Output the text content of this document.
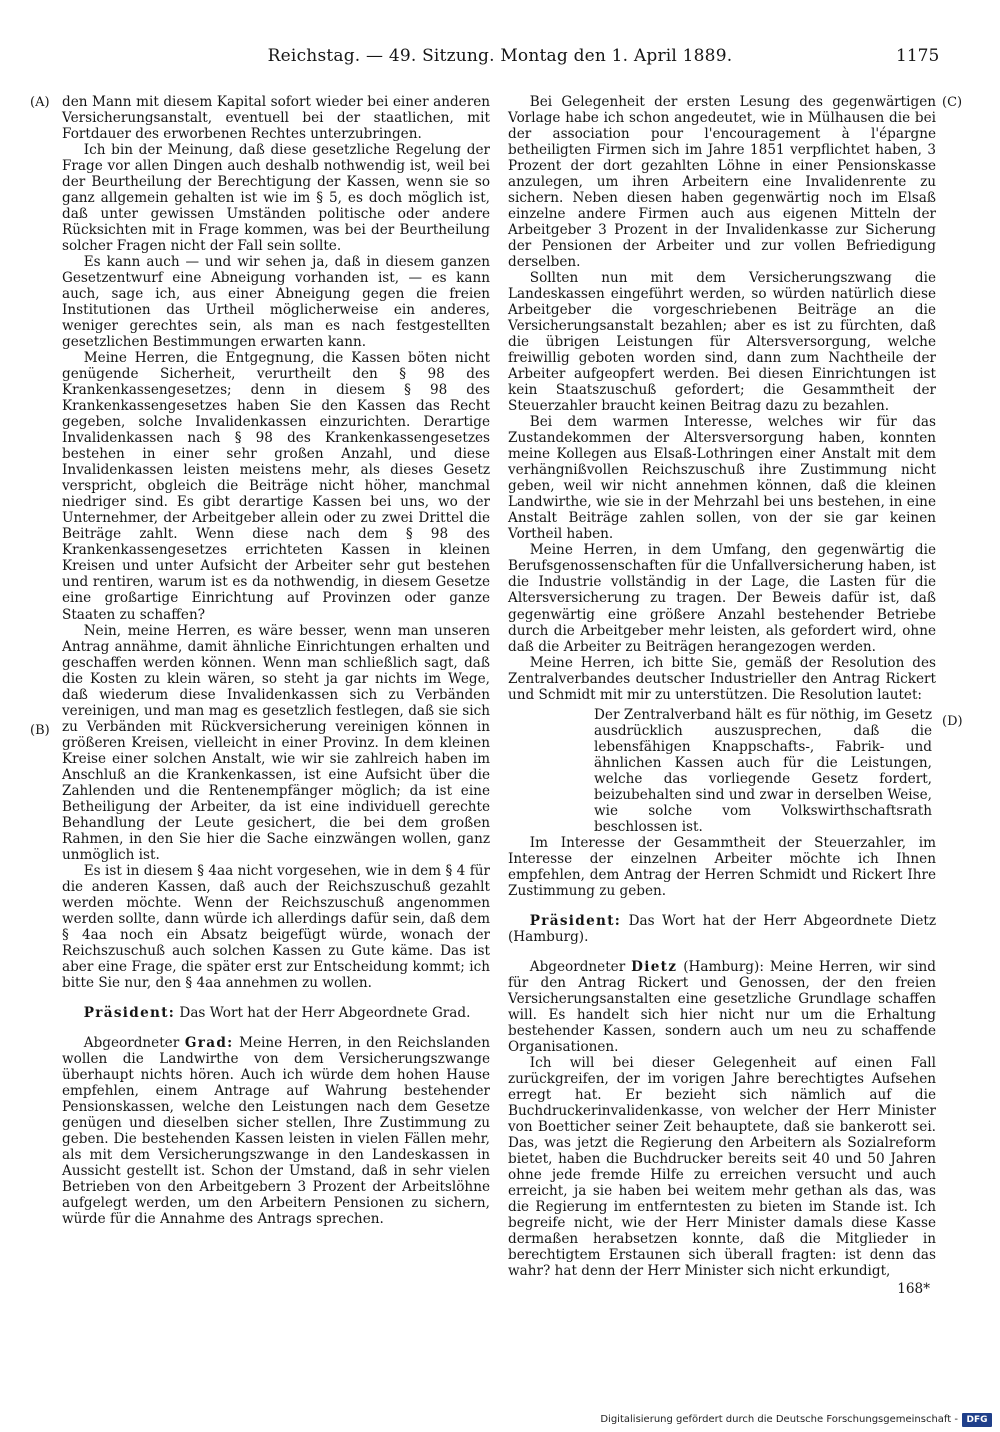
Reichstag. — 49. Sitzung. Montag den 1. April 1889.	1175
(A)
(B)
(C)
(D)

den Mann mit diesem Kapital sofort wieder bei einer anderen Versicherungsanstalt, eventuell bei der staatlichen, mit Fortdauer des erworbenen Rechtes unterzubringen.

Ich bin der Meinung, daß diese gesetzliche Regelung der Frage vor allen Dingen auch deshalb nothwendig ist, weil bei der Beurtheilung der Berechtigung der Kassen, wenn sie so ganz allgemein gehalten ist wie im § 5, es doch möglich ist, daß unter gewissen Umständen politische oder andere Rücksichten mit in Frage kommen, was bei der Beurtheilung solcher Fragen nicht der Fall sein sollte.

Es kann auch — und wir sehen ja, daß in diesem ganzen Gesetzentwurf eine Abneigung vorhanden ist, — es kann auch, sage ich, aus einer Abneigung gegen die freien Institutionen das Urtheil möglicherweise ein anderes, weniger gerechtes sein, als man es nach festgestellten gesetzlichen Bestimmungen erwarten kann.

Meine Herren, die Entgegnung, die Kassen böten nicht genügende Sicherheit, verurtheilt den § 98 des Krankenkassengesetzes; denn in diesem § 98 des Krankenkassengesetzes haben Sie den Kassen das Recht gegeben, solche Invalidenkassen einzurichten. Derartige Invalidenkassen nach § 98 des Krankenkassengesetzes bestehen in einer sehr großen Anzahl, und diese Invalidenkassen leisten meistens mehr, als dieses Gesetz verspricht, obgleich die Beiträge nicht höher, manchmal niedriger sind. Es gibt derartige Kassen bei uns, wo der Unternehmer, der Arbeitgeber allein oder zu zwei Drittel die Beiträge zahlt. Wenn diese nach dem § 98 des Krankenkassengesetzes errichteten Kassen in kleinen Kreisen und unter Aufsicht der Arbeiter sehr gut bestehen und rentiren, warum ist es da nothwendig, in diesem Gesetze eine großartige Einrichtung auf Provinzen oder ganze Staaten zu schaffen?

Nein, meine Herren, es wäre besser, wenn man unseren Antrag annähme, damit ähnliche Einrichtungen erhalten und geschaffen werden können. Wenn man schließlich sagt, daß die Kosten zu klein wären, so steht ja gar nichts im Wege, daß wiederum diese Invalidenkassen sich zu Verbänden vereinigen, und man mag es gesetzlich festlegen, daß sie sich zu Verbänden mit Rückversicherung vereinigen können in größeren Kreisen, vielleicht in einer Provinz. In dem kleinen Kreise einer solchen Anstalt, wie wir sie zahlreich haben im Anschluß an die Krankenkassen, ist eine Aufsicht über die Zahlenden und die Rentenempfänger möglich; da ist eine Betheiligung der Arbeiter, da ist eine individuell gerechte Behandlung der Leute gesichert, die bei dem großen Rahmen, in den Sie hier die Sache einzwängen wollen, ganz unmöglich ist.

Es ist in diesem § 4aa nicht vorgesehen, wie in dem § 4 für die anderen Kassen, daß auch der Reichszuschuß gezahlt werden möchte. Wenn der Reichszuschuß angenommen werden sollte, dann würde ich allerdings dafür sein, daß dem § 4aa noch ein Absatz beigefügt würde, wonach der Reichszuschuß auch solchen Kassen zu Gute käme. Das ist aber eine Frage, die später erst zur Entscheidung kommt; ich bitte Sie nur, den § 4aa annehmen zu wollen.

Präsident: Das Wort hat der Herr Abgeordnete Grad.

Abgeordneter Grad: Meine Herren, in den Reichslanden wollen die Landwirthe von dem Versicherungszwange überhaupt nichts hören. Auch ich würde dem hohen Hause empfehlen, einem Antrage auf Wahrung bestehender Pensionskassen, welche den Leistungen nach dem Gesetze genügen und dieselben sicher stellen, Ihre Zustimmung zu geben. Die bestehenden Kassen leisten in vielen Fällen mehr, als mit dem Versicherungszwange in den Landeskassen in Aussicht gestellt ist. Schon der Umstand, daß in sehr vielen Betrieben von den Arbeitgebern 3 Prozent der Arbeitslöhne aufgelegt werden, um den Arbeitern Pensionen zu sichern, würde für die Annahme des Antrags sprechen.

Bei Gelegenheit der ersten Lesung des gegenwärtigen Vorlage habe ich schon angedeutet, wie in Mülhausen die bei der association pour l'encouragement à l'épargne betheiligten Firmen sich im Jahre 1851 verpflichtet haben, 3 Prozent der dort gezahlten Löhne in einer Pensionskasse anzulegen, um ihren Arbeitern eine Invalidenrente zu sichern. Neben diesen haben gegenwärtig noch im Elsaß einzelne andere Firmen auch aus eigenen Mitteln der Arbeitgeber 3 Prozent in der Invalidenkasse zur Sicherung der Pensionen der Arbeiter und zur vollen Befriedigung derselben.

Sollten nun mit dem Versicherungszwang die Landeskassen eingeführt werden, so würden natürlich diese Arbeitgeber die vorgeschriebenen Beiträge an die Versicherungsanstalt bezahlen; aber es ist zu fürchten, daß die übrigen Leistungen für Altersversorgung, welche freiwillig geboten worden sind, dann zum Nachtheile der Arbeiter aufgeopfert werden. Bei diesen Einrichtungen ist kein Staatszuschuß gefordert; die Gesammtheit der Steuerzahler braucht keinen Beitrag dazu zu bezahlen.

Bei dem warmen Interesse, welches wir für das Zustandekommen der Altersversorgung haben, konnten meine Kollegen aus Elsaß-Lothringen einer Anstalt mit dem verhängnißvollen Reichszuschuß ihre Zustimmung nicht geben, weil wir nicht annehmen können, daß die kleinen Landwirthe, wie sie in der Mehrzahl bei uns bestehen, in eine Anstalt Beiträge zahlen sollen, von der sie gar keinen Vortheil haben.

Meine Herren, in dem Umfang, den gegenwärtig die Berufsgenossenschaften für die Unfallversicherung haben, ist die Industrie vollständig in der Lage, die Lasten für die Altersversicherung zu tragen. Der Beweis dafür ist, daß gegenwärtig eine größere Anzahl bestehender Betriebe durch die Arbeitgeber mehr leisten, als gefordert wird, ohne daß die Arbeiter zu Beiträgen herangezogen werden.

Meine Herren, ich bitte Sie, gemäß der Resolution des Zentralverbandes deutscher Industrieller den Antrag Rickert und Schmidt mit mir zu unterstützen. Die Resolution lautet:

Der Zentralverband hält es für nöthig, im Gesetz ausdrücklich auszusprechen, daß die lebensfähigen Knappschafts-, Fabrik- und ähnlichen Kassen auch für die Leistungen, welche das vorliegende Gesetz fordert, beizubehalten sind und zwar in derselben Weise, wie solche vom Volkswirthschaftsrath beschlossen ist.

Im Interesse der Gesammtheit der Steuerzahler, im Interesse der einzelnen Arbeiter möchte ich Ihnen empfehlen, dem Antrag der Herren Schmidt und Rickert Ihre Zustimmung zu geben.

Präsident: Das Wort hat der Herr Abgeordnete Dietz (Hamburg).

Abgeordneter Dietz (Hamburg): Meine Herren, wir sind für den Antrag Rickert und Genossen, der den freien Versicherungsanstalten eine gesetzliche Grundlage schaffen will. Es handelt sich hier nicht nur um die Erhaltung bestehender Kassen, sondern auch um neu zu schaffende Organisationen.

Ich will bei dieser Gelegenheit auf einen Fall zurückgreifen, der im vorigen Jahre berechtigtes Aufsehen erregt hat. Er bezieht sich nämlich auf die Buchdruckerinvalidenkasse, von welcher der Herr Minister von Boetticher seiner Zeit behauptete, daß sie bankerott sei. Das, was jetzt die Regierung den Arbeitern als Sozialreform bietet, haben die Buchdrucker bereits seit 40 und 50 Jahren ohne jede fremde Hilfe zu erreichen versucht und auch erreicht, ja sie haben bei weitem mehr gethan als das, was die Regierung im entferntesten zu bieten im Stande ist. Ich begreife nicht, wie der Herr Minister damals diese Kasse dermaßen herabsetzen konnte, daß die Mitglieder in berechtigtem Erstaunen sich überall fragten: ist denn das wahr? hat denn der Herr Minister sich nicht erkundigt,

168*

Digitalisierung gefördert durch die Deutsche Forschungsgemeinschaft - DFG
